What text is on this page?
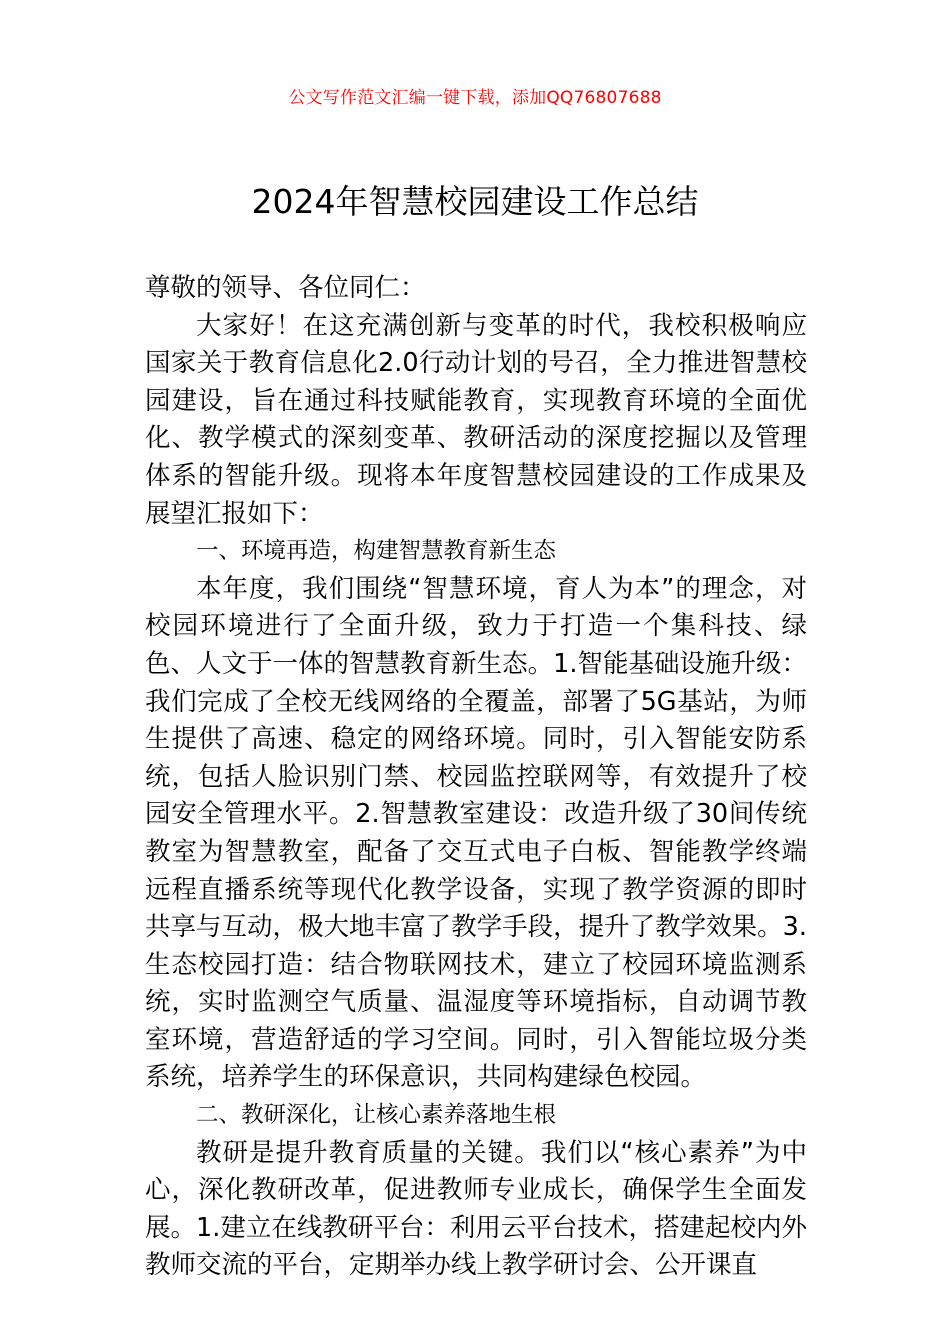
公文写作范文汇编一键下载，添加QQ76807688
2024年智慧校园建设工作总结

尊敬的领导、各位同仁：

大家好！在这充满创新与变革的时代，我校积极响应国家关于教育信息化2.0行动计划的号召，全力推进智慧校园建设，旨在通过科技赋能教育，实现教育环境的全面优化、教学模式的深刻变革、教研活动的深度挖掘以及管理体系的智能升级。现将本年度智慧校园建设的工作成果及展望汇报如下：

一、环境再造，构建智慧教育新生态

本年度，我们围绕“智慧环境，育人为本”的理念，对校园环境进行了全面升级，致力于打造一个集科技、绿色、人文于一体的智慧教育新生态。1.智能基础设施升级：我们完成了全校无线网络的全覆盖，部署了5G基站，为师生提供了高速、稳定的网络环境。同时，引入智能安防系统，包括人脸识别门禁、校园监控联网等，有效提升了校园安全管理水平。2.智慧教室建设：改造升级了30间传统教室为智慧教室，配备了交互式电子白板、智能教学终端远程直播系统等现代化教学设备，实现了教学资源的即时共享与互动，极大地丰富了教学手段，提升了教学效果。3.生态校园打造：结合物联网技术，建立了校园环境监测系统，实时监测空气质量、温湿度等环境指标，自动调节教室环境，营造舒适的学习空间。同时，引入智能垃圾分类系统，培养学生的环保意识，共同构建绿色校园。

二、教研深化，让核心素养落地生根

教研是提升教育质量的关键。我们以“核心素养”为中心，深化教研改革，促进教师专业成长，确保学生全面发展。1.建立在线教研平台：利用云平台技术，搭建起校内外教师交流的平台，定期举办线上教学研讨会、公开课直
